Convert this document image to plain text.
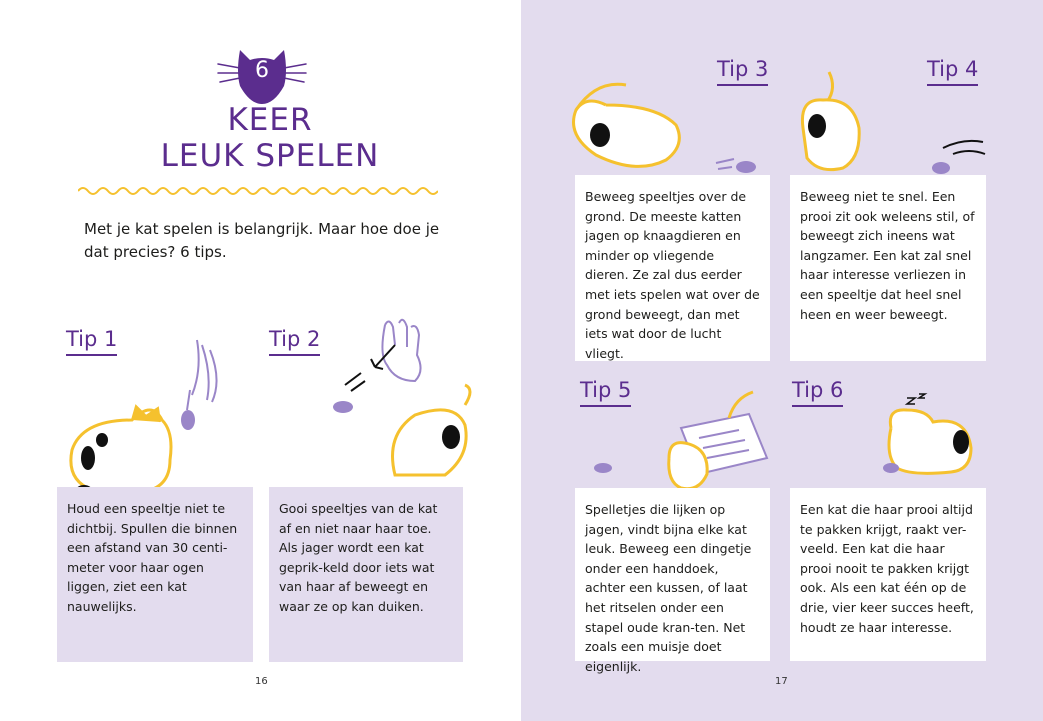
6
KEER
LEUK SPELEN
Met je kat spelen is belangrijk. Maar hoe doe je dat precies? 6 tips.
Tip 1
Houd een speeltje niet te dichtbij. Spullen die binnen een afstand van 30 centi-meter voor haar ogen liggen, ziet een kat nauwelijks.
Tip 2
Gooi speeltjes van de kat af en niet naar haar toe. Als jager wordt een kat geprik-keld door iets wat van haar af beweegt en waar ze op kan duiken.
16
Tip 3
Beweeg speeltjes over de grond. De meeste katten jagen op knaagdieren en minder op vliegende dieren. Ze zal dus eerder met iets spelen wat over de grond beweegt, dan met iets wat door de lucht vliegt.
Tip 4
Beweeg niet te snel. Een prooi zit ook weleens stil, of beweegt zich ineens wat langzamer. Een kat zal snel haar interesse verliezen in een speeltje dat heel snel heen en weer beweegt.
Tip 5
Spelletjes die lijken op jagen, vindt bijna elke kat leuk. Beweeg een dingetje onder een handdoek, achter een kussen, of laat het ritselen onder een stapel oude kran-ten. Net zoals een muisje doet eigenlijk.
Tip 6
Een kat die haar prooi altijd te pakken krijgt, raakt ver-veeld. Een kat die haar prooi nooit te pakken krijgt ook. Als een kat één op de drie, vier keer succes heeft, houdt ze haar interesse.
17
